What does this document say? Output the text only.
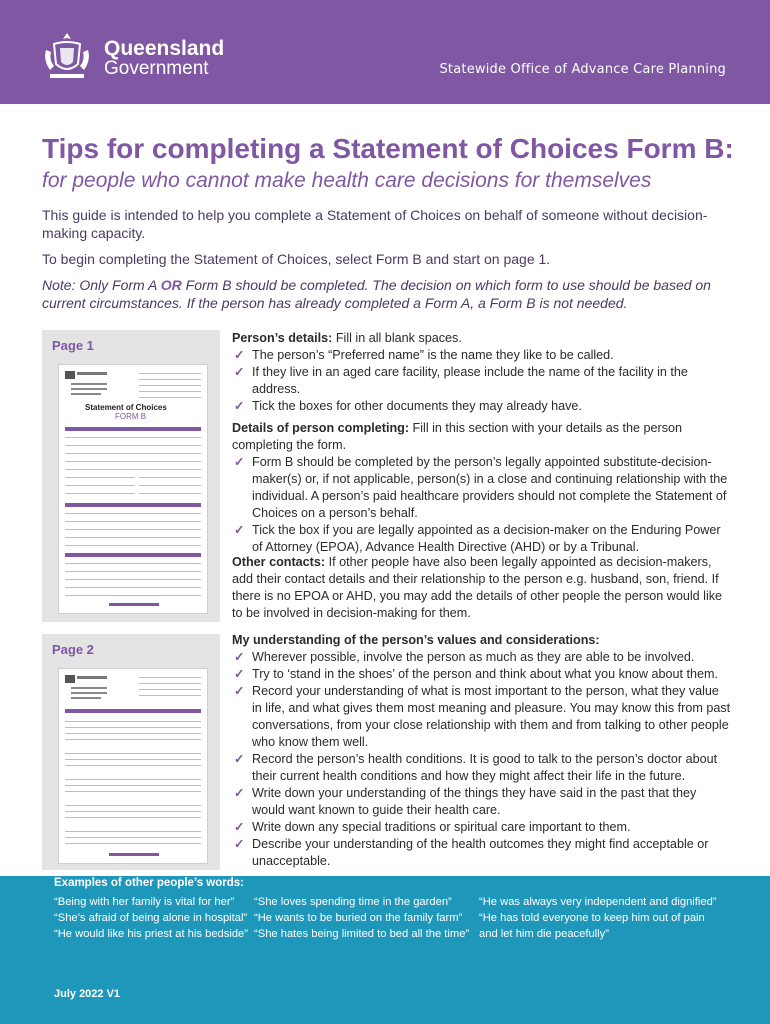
Queensland
Government	Statewide Office of Advance Care Planning
Tips for completing a Statement of Choices Form B:
for people who cannot make health care decisions for themselves
This guide is intended to help you complete a Statement of Choices on behalf of someone without decision-making capacity.
To begin completing the Statement of Choices, select Form B and start on page 1.
Note: Only Form A OR Form B should be completed. The decision on which form to use should be based on current circumstances. If the person has already completed a Form A, a Form B is not needed.
Page 1
Statement of Choices
FORM B
Page 2
Person’s details: Fill in all blank spaces.
✓ The person’s “Preferred name” is the name they like to be called.
✓ If they live in an aged care facility, please include the name of the facility in the address.
✓ Tick the boxes for other documents they may already have.
Details of person completing: Fill in this section with your details as the person completing the form.
✓ Form B should be completed by the person’s legally appointed substitute-decision-maker(s) or, if not applicable, person(s) in a close and continuing relationship with the individual. A person’s paid healthcare providers should not complete the Statement of Choices on a person’s behalf.
✓ Tick the box if you are legally appointed as a decision-maker on the Enduring Power of Attorney (EPOA), Advance Health Directive (AHD) or by a Tribunal.
Other contacts: If other people have also been legally appointed as decision-makers, add their contact details and their relationship to the person e.g. husband, son, friend. If there is no EPOA or AHD, you may add the details of other people the person would like to be involved in decision-making for them.
My understanding of the person’s values and considerations:
✓ Wherever possible, involve the person as much as they are able to be involved.
✓ Try to ‘stand in the shoes’ of the person and think about what you know about them.
✓ Record your understanding of what is most important to the person, what they value in life, and what gives them most meaning and pleasure. You may know this from past conversations, from your close relationship with them and from talking to other people who know them well.
✓ Record the person’s health conditions. It is good to talk to the person’s doctor about their current health conditions and how they might affect their life in the future.
✓ Write down your understanding of the things they have said in the past that they would want known to guide their health care.
✓ Write down any special traditions or spiritual care important to them.
✓ Describe your understanding of the health outcomes they might find acceptable or unacceptable.
Examples of other people’s words:
“Being with her family is vital for her”
“She’s afraid of being alone in hospital”
“He would like his priest at his bedside”
“She loves spending time in the garden”
“He wants to be buried on the family farm”
“She hates being limited to bed all the time”
“He was always very independent and dignified”
“He has told everyone to keep him out of pain
and let him die peacefully”
July 2022 V1
